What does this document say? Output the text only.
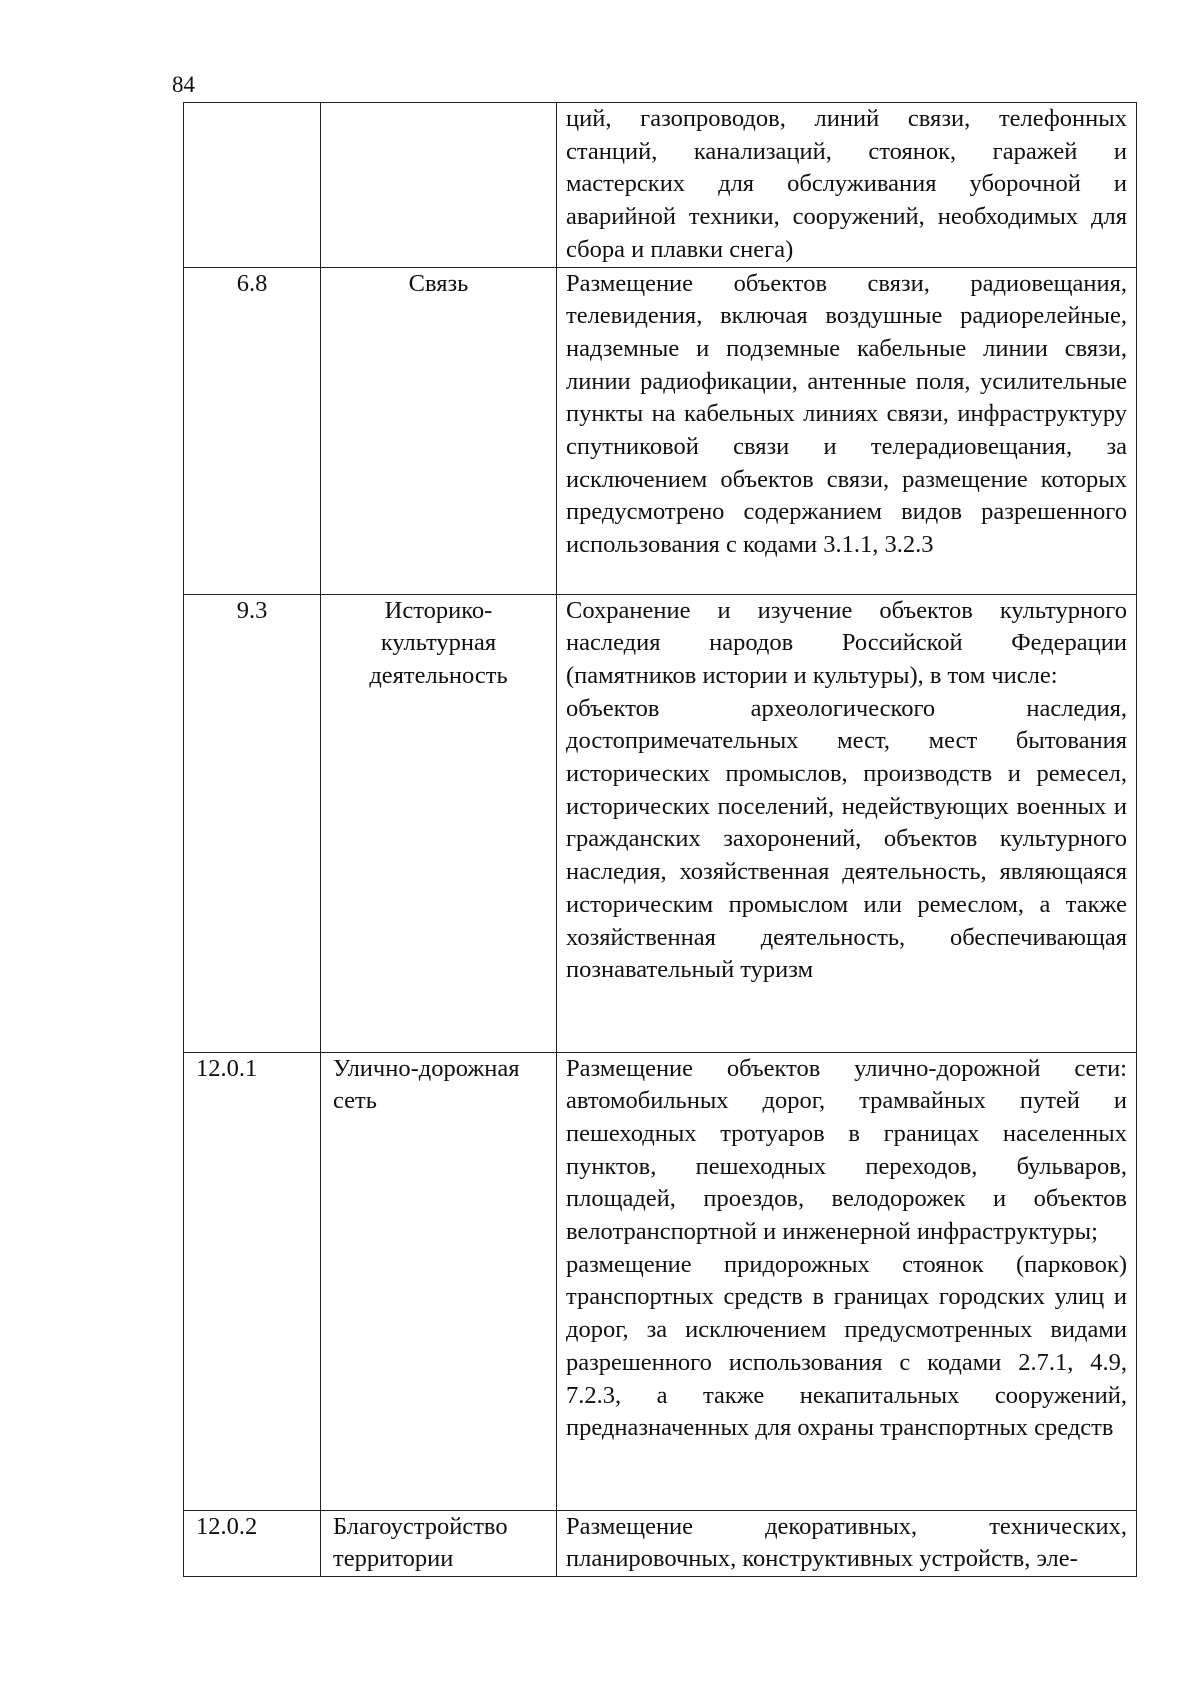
84

		ций, газопроводов, линий связи, телефонных станций, канализаций, стоянок, гаражей и мастерских для обслуживания уборочной и аварийной техники, сооружений, необходимых для сбора и плавки снега)

6.8	Связь	Размещение объектов связи, радиовещания, телевидения, включая воздушные радиорелейные, надземные и подземные кабельные линии связи, линии радиофикации, антенные поля, усилительные пункты на кабельных линиях связи, инфраструктуру спутниковой связи и телерадиовещания, за исключением объектов связи, размещение которых предусмотрено содержанием видов разрешенного использования с кодами 3.1.1, 3.2.3

9.3	Историко-культурная деятельность	Сохранение и изучение объектов культурного наследия народов Российской Федерации (памятников истории и культуры), в том числе:
объектов археологического наследия, достопримечательных мест, мест бытования исторических промыслов, производств и ремесел, исторических поселений, недействующих военных и гражданских захоронений, объектов культурного наследия, хозяйственная деятельность, являющаяся историческим промыслом или ремеслом, а также хозяйственная деятельность, обеспечивающая познавательный туризм

12.0.1	Улично-дорожная сеть	Размещение объектов улично-дорожной сети: автомобильных дорог, трамвайных путей и пешеходных тротуаров в границах населенных пунктов, пешеходных переходов, бульваров, площадей, проездов, велодорожек и объектов велотранспортной и инженерной инфраструктуры;
размещение придорожных стоянок (парковок) транспортных средств в границах городских улиц и дорог, за исключением предусмотренных видами разрешенного использования с кодами 2.7.1, 4.9, 7.2.3, а также некапитальных сооружений, предназначенных для охраны транспортных средств

12.0.2	Благоустройство территории	Размещение декоративных, технических, планировочных, конструктивных устройств, эле-
